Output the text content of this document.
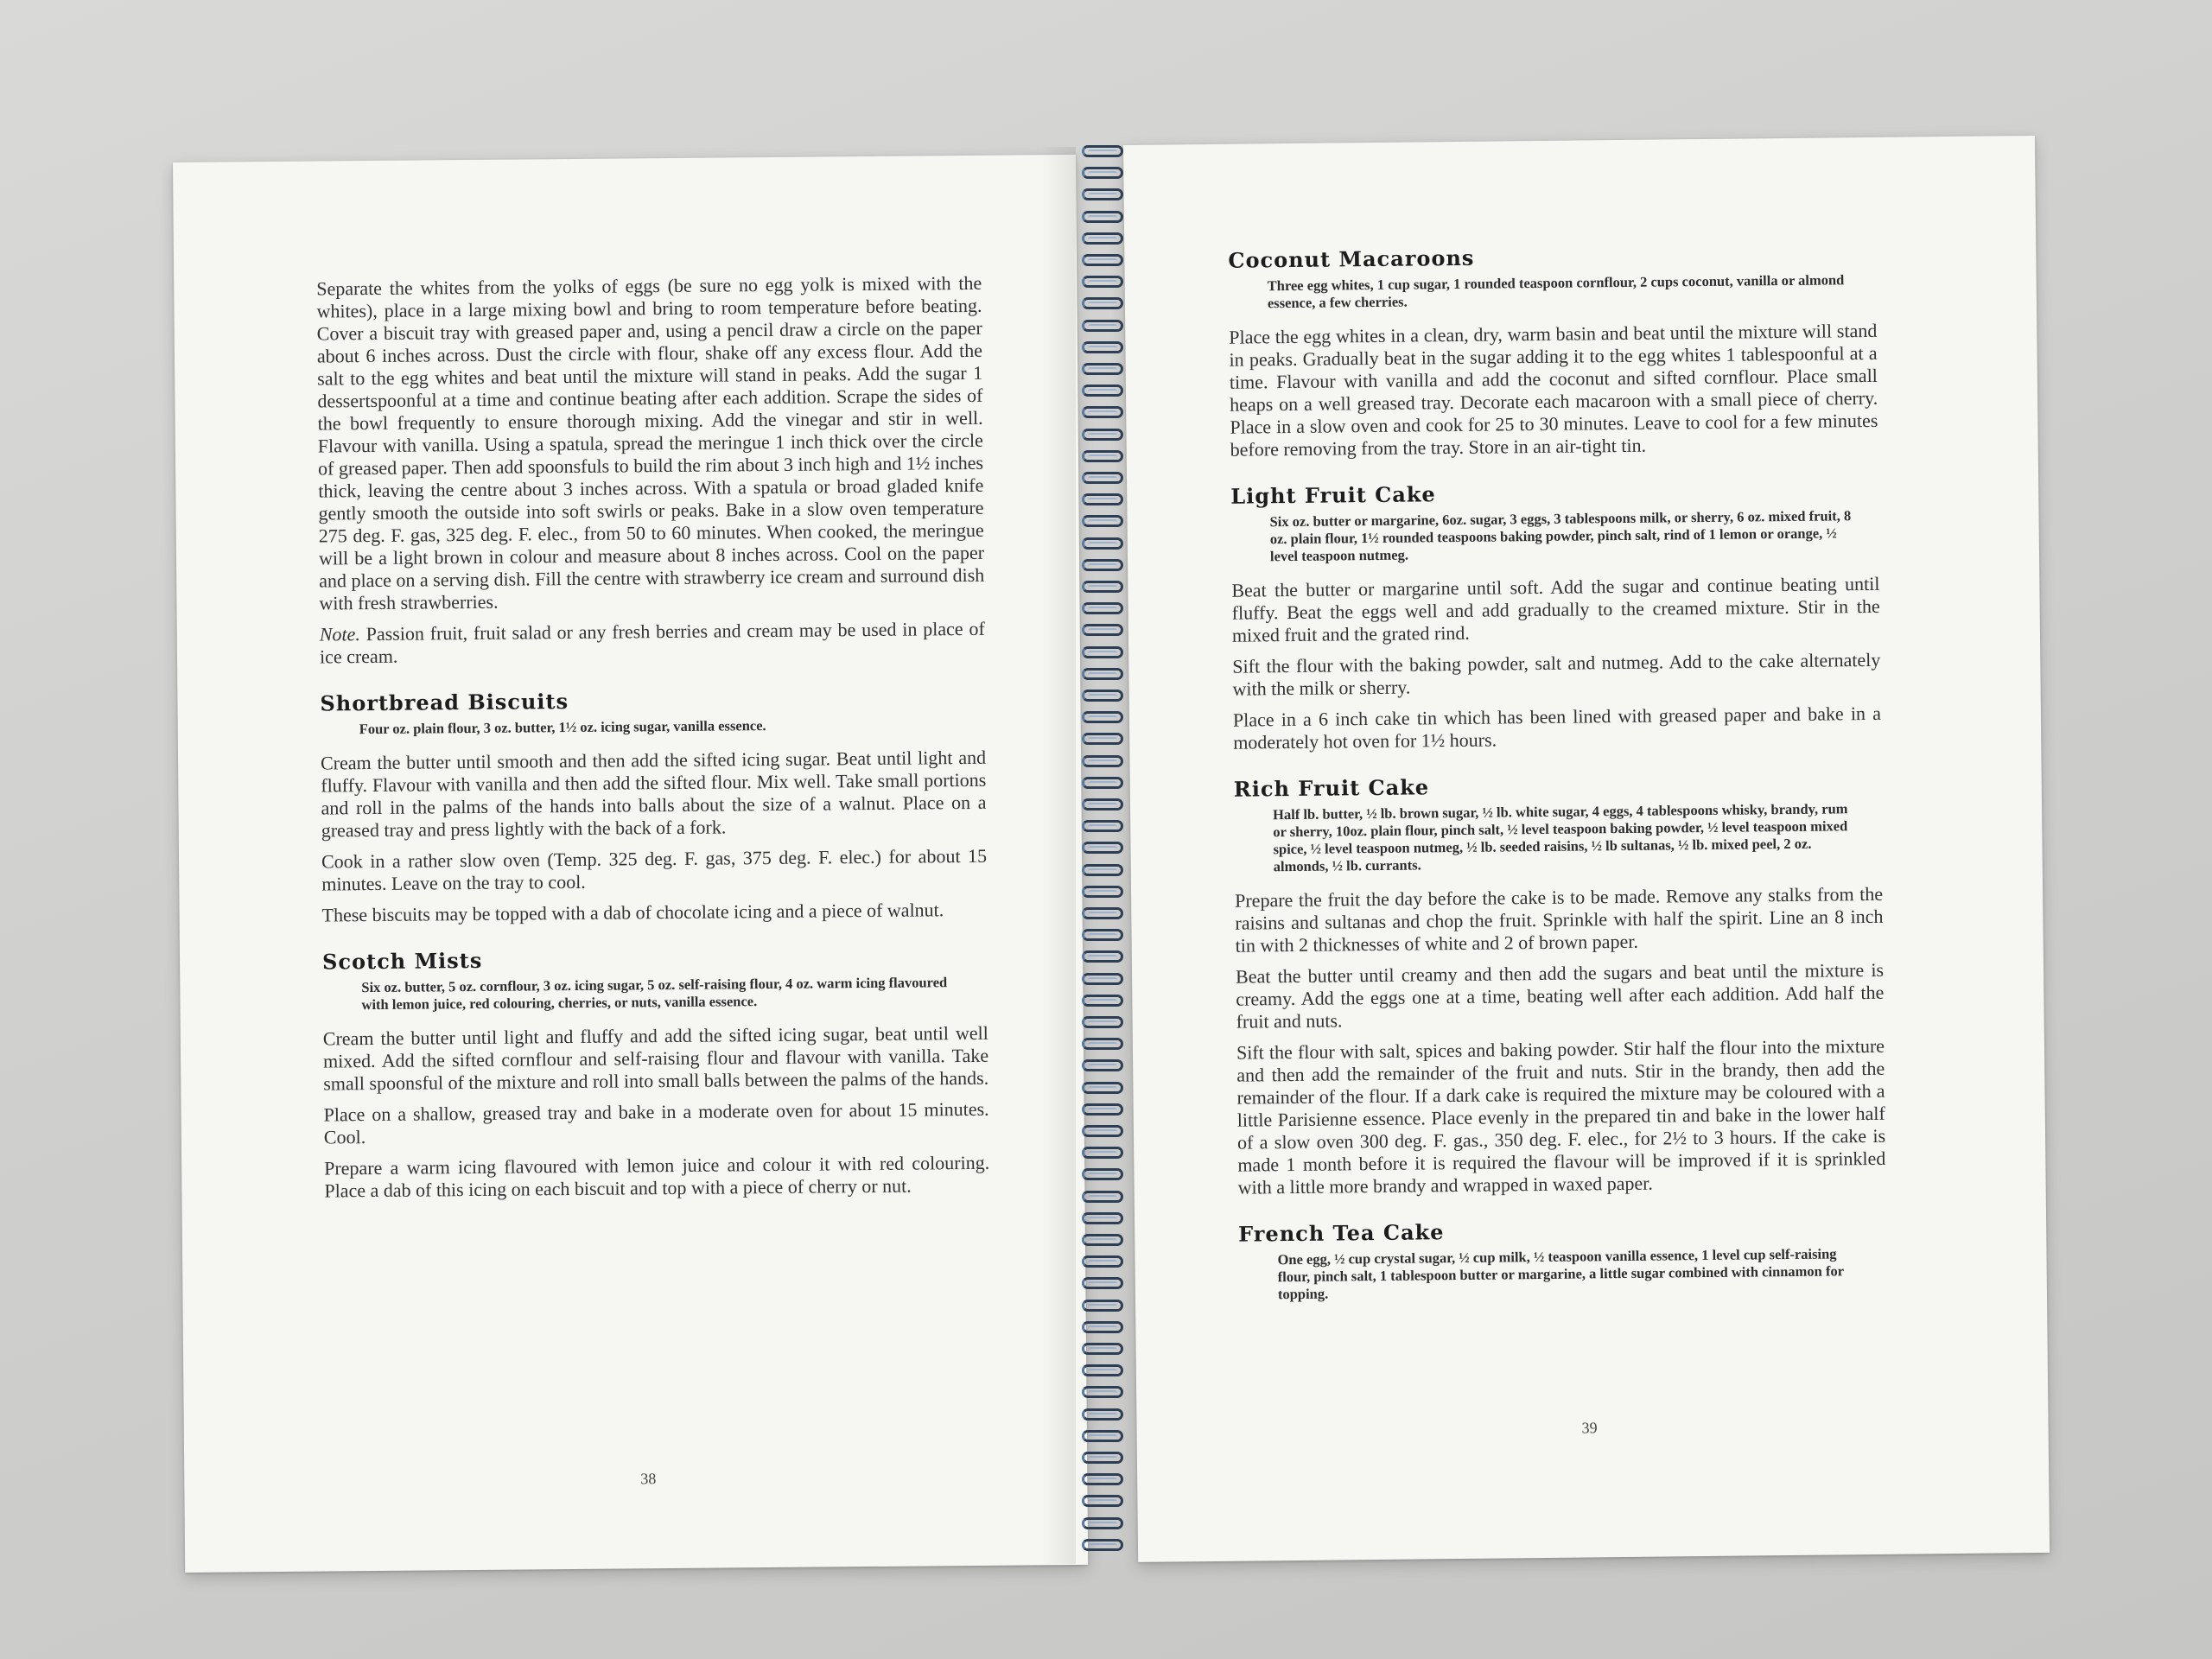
Separate the whites from the yolks of eggs (be sure no egg yolk is mixed with the whites), place in a large mixing bowl and bring to room temperature before beating. Cover a biscuit tray with greased paper and, using a pencil draw a circle on the paper about 6 inches across. Dust the circle with flour, shake off any excess flour. Add the salt to the egg whites and beat until the mixture will stand in peaks. Add the sugar 1 dessertspoonful at a time and continue beating after each addition. Scrape the sides of the bowl frequently to ensure thorough mixing. Add the vinegar and stir in well. Flavour with vanilla. Using a spatula, spread the meringue 1 inch thick over the circle of greased paper. Then add spoonsfuls to build the rim about 3 inch high and 1½ inches thick, leaving the centre about 3 inches across. With a spatula or broad gladed knife gently smooth the outside into soft swirls or peaks. Bake in a slow oven temperature 275 deg. F. gas, 325 deg. F. elec., from 50 to 60 minutes. When cooked, the meringue will be a light brown in colour and measure about 8 inches across. Cool on the paper and place on a serving dish. Fill the centre with strawberry ice cream and surround dish with fresh strawberries.

Note. Passion fruit, fruit salad or any fresh berries and cream may be used in place of ice cream.

Shortbread Biscuits

Four oz. plain flour, 3 oz. butter, 1½ oz. icing sugar, vanilla essence.

Cream the butter until smooth and then add the sifted icing sugar. Beat until light and fluffy. Flavour with vanilla and then add the sifted flour. Mix well. Take small portions and roll in the palms of the hands into balls about the size of a walnut. Place on a greased tray and press lightly with the back of a fork.

Cook in a rather slow oven (Temp. 325 deg. F. gas, 375 deg. F. elec.) for about 15 minutes. Leave on the tray to cool.

These biscuits may be topped with a dab of chocolate icing and a piece of walnut.

Scotch Mists

Six oz. butter, 5 oz. cornflour, 3 oz. icing sugar, 5 oz. self-raising flour, 4 oz. warm icing flavoured with lemon juice, red colouring, cherries, or nuts, vanilla essence.

Cream the butter until light and fluffy and add the sifted icing sugar, beat until well mixed. Add the sifted cornflour and self-raising flour and flavour with vanilla. Take small spoonsful of the mixture and roll into small balls between the palms of the hands.

Place on a shallow, greased tray and bake in a moderate oven for about 15 minutes. Cool.

Prepare a warm icing flavoured with lemon juice and colour it with red colouring. Place a dab of this icing on each biscuit and top with a piece of cherry or nut.

38
Coconut Macaroons

Three egg whites, 1 cup sugar, 1 rounded teaspoon cornflour, 2 cups coconut, vanilla or almond essence, a few cherries.

Place the egg whites in a clean, dry, warm basin and beat until the mixture will stand in peaks. Gradually beat in the sugar adding it to the egg whites 1 tablespoonful at a time. Flavour with vanilla and add the coconut and sifted cornflour. Place small heaps on a well greased tray. Decorate each macaroon with a small piece of cherry. Place in a slow oven and cook for 25 to 30 minutes. Leave to cool for a few minutes before removing from the tray. Store in an air-tight tin.

Light Fruit Cake

Six oz. butter or margarine, 6oz. sugar, 3 eggs, 3 tablespoons milk, or sherry, 6 oz. mixed fruit, 8 oz. plain flour, 1½ rounded teaspoons baking powder, pinch salt, rind of 1 lemon or orange, ½ level teaspoon nutmeg.

Beat the butter or margarine until soft. Add the sugar and continue beating until fluffy. Beat the eggs well and add gradually to the creamed mixture. Stir in the mixed fruit and the grated rind.

Sift the flour with the baking powder, salt and nutmeg. Add to the cake alternately with the milk or sherry.

Place in a 6 inch cake tin which has been lined with greased paper and bake in a moderately hot oven for 1½ hours.

Rich Fruit Cake

Half lb. butter, ½ lb. brown sugar, ½ lb. white sugar, 4 eggs, 4 tablespoons whisky, brandy, rum or sherry, 10oz. plain flour, pinch salt, ½ level teaspoon baking powder, ½ level teaspoon mixed spice, ½ level teaspoon nutmeg, ½ lb. seeded raisins, ½ lb sultanas, ½ lb. mixed peel, 2 oz. almonds, ½ lb. currants.

Prepare the fruit the day before the cake is to be made. Remove any stalks from the raisins and sultanas and chop the fruit. Sprinkle with half the spirit. Line an 8 inch tin with 2 thicknesses of white and 2 of brown paper.

Beat the butter until creamy and then add the sugars and beat until the mixture is creamy. Add the eggs one at a time, beating well after each addition. Add half the fruit and nuts.

Sift the flour with salt, spices and baking powder. Stir half the flour into the mixture and then add the remainder of the fruit and nuts. Stir in the brandy, then add the remainder of the flour. If a dark cake is required the mixture may be coloured with a little Parisienne essence. Place evenly in the prepared tin and bake in the lower half of a slow oven 300 deg. F. gas., 350 deg. F. elec., for 2½ to 3 hours. If the cake is made 1 month before it is required the flavour will be improved if it is sprinkled with a little more brandy and wrapped in waxed paper.

French Tea Cake

One egg, ½ cup crystal sugar, ½ cup milk, ½ teaspoon vanilla essence, 1 level cup self-raising flour, pinch salt, 1 tablespoon butter or margarine, a little sugar combined with cinnamon for topping.

39
